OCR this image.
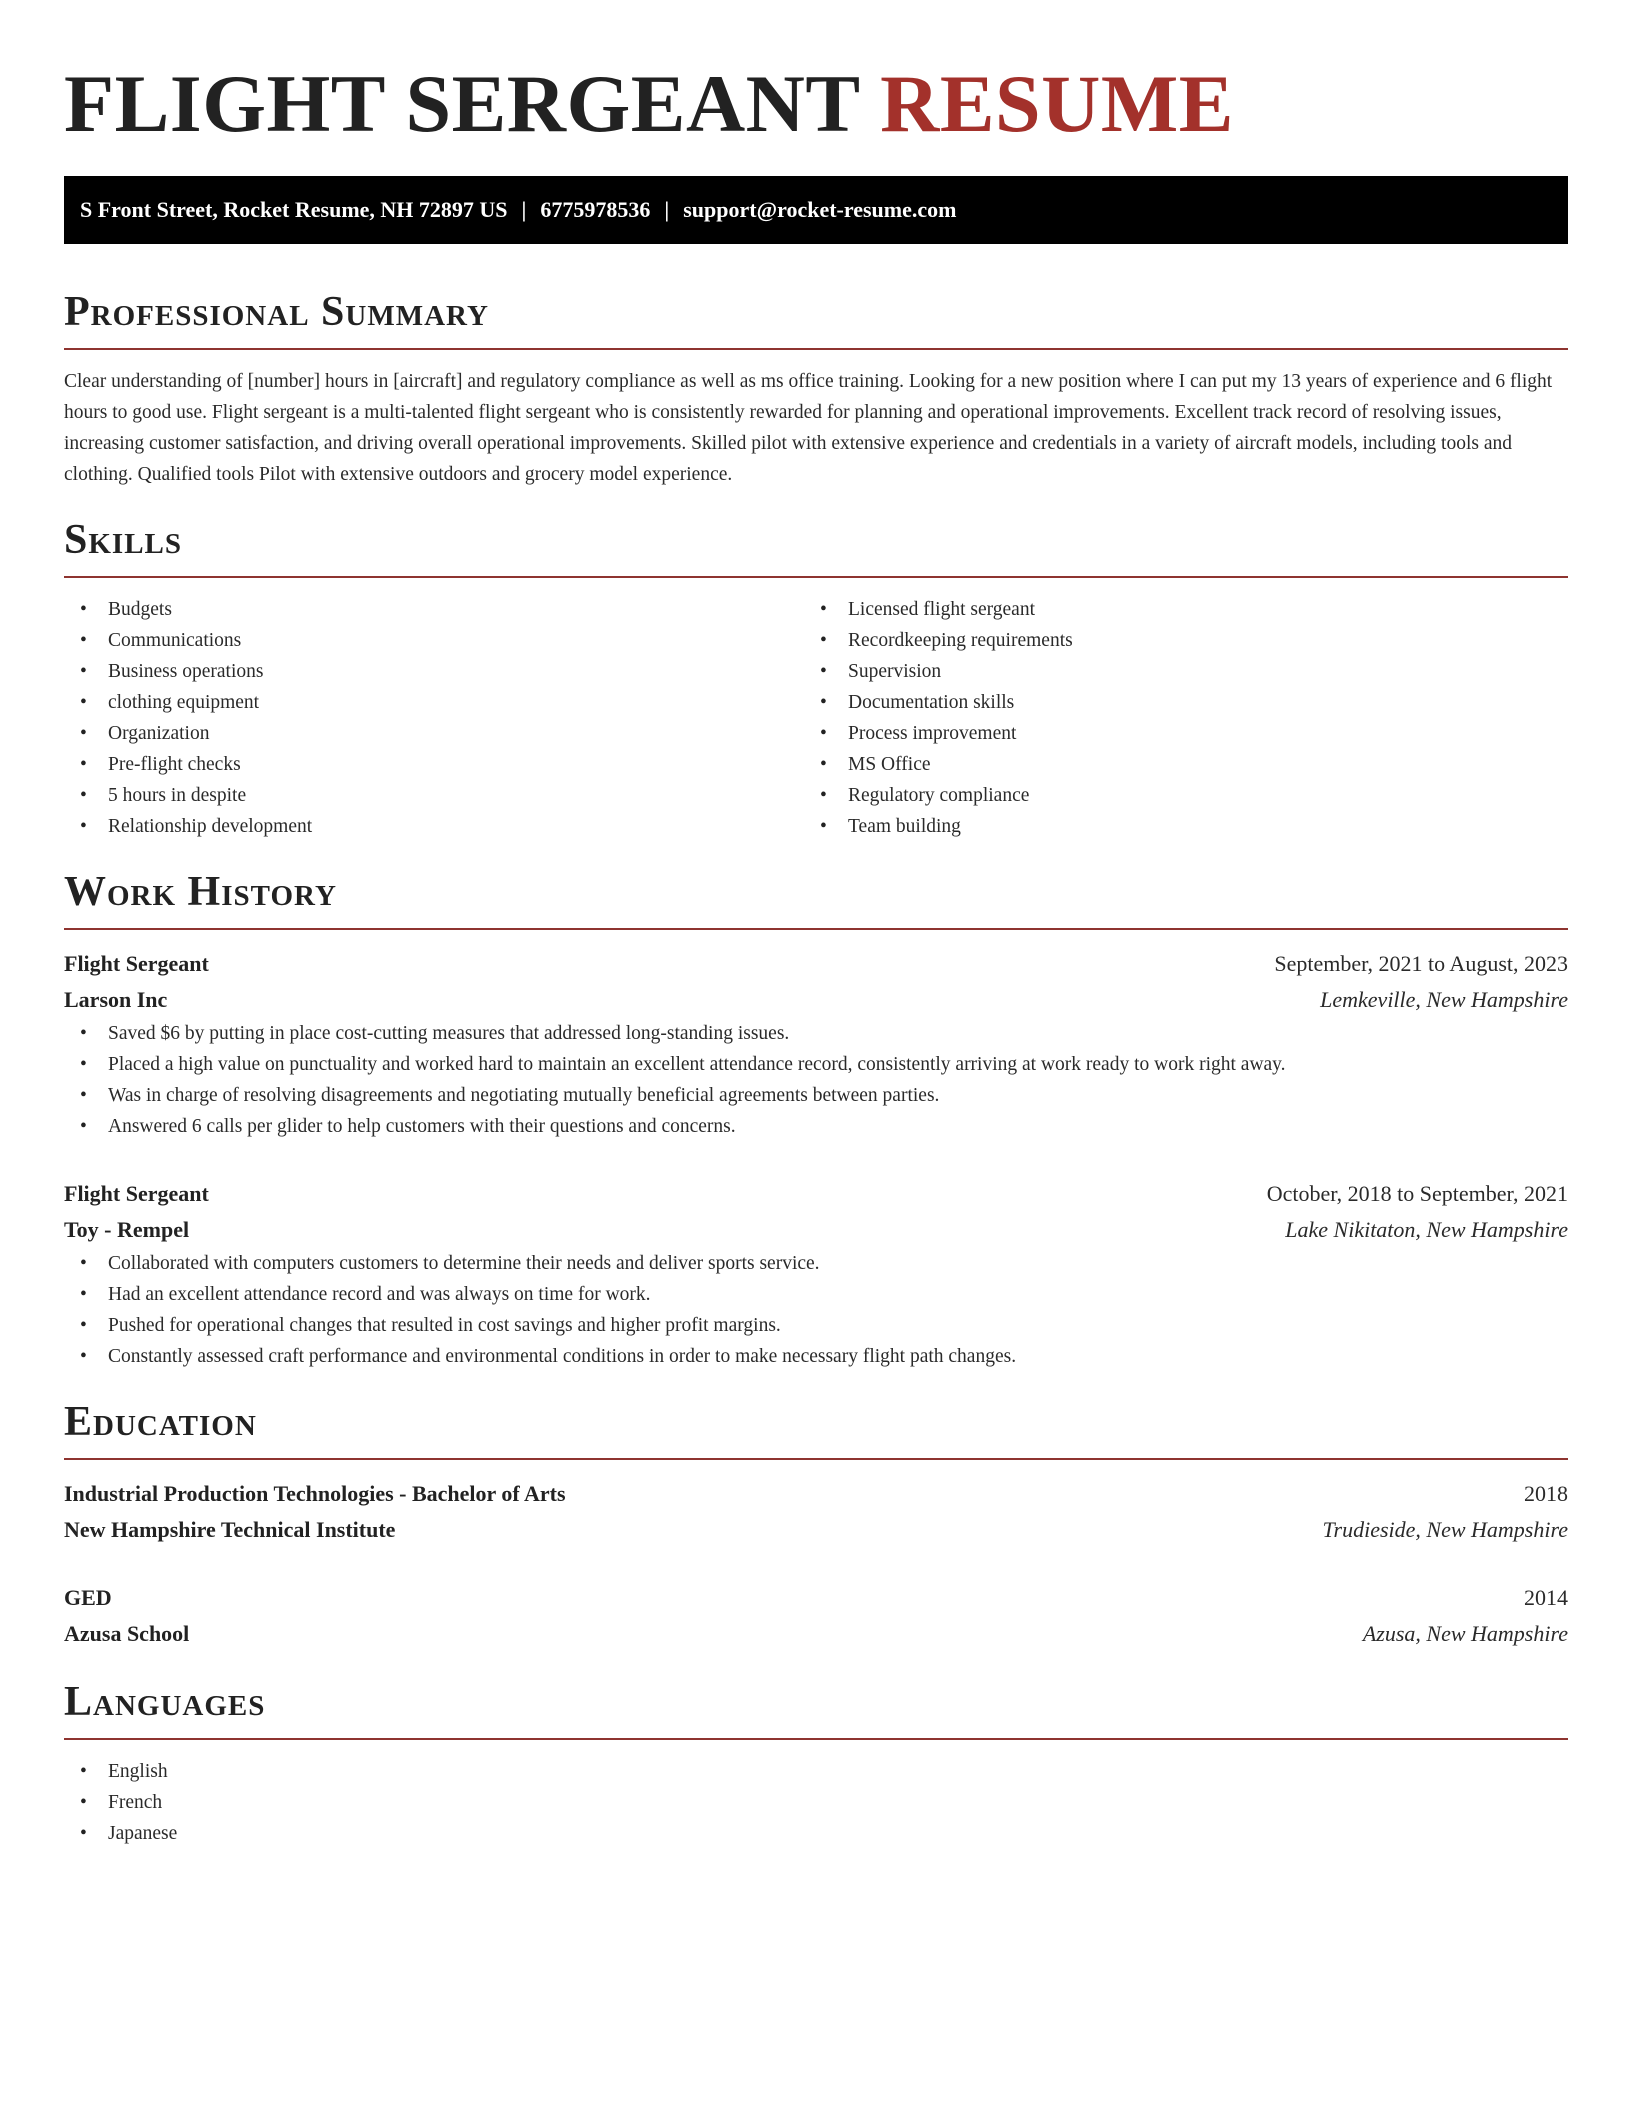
FLIGHT SERGEANT RESUME
S Front Street, Rocket Resume, NH 72897 US | 6775978536 | support@rocket-resume.com
Professional Summary
Clear understanding of [number] hours in [aircraft] and regulatory compliance as well as ms office training. Looking for a new position where I can put my 13 years of experience and 6 flight hours to good use. Flight sergeant is a multi-talented flight sergeant who is consistently rewarded for planning and operational improvements. Excellent track record of resolving issues, increasing customer satisfaction, and driving overall operational improvements. Skilled pilot with extensive experience and credentials in a variety of aircraft models, including tools and clothing. Qualified tools Pilot with extensive outdoors and grocery model experience.
Skills
• Budgets
• Communications
• Business operations
• clothing equipment
• Organization
• Pre-flight checks
• 5 hours in despite
• Relationship development
• Licensed flight sergeant
• Recordkeeping requirements
• Supervision
• Documentation skills
• Process improvement
• MS Office
• Regulatory compliance
• Team building
Work History
Flight Sergeant	September, 2021 to August, 2023
Larson Inc	Lemkeville, New Hampshire
• Saved $6 by putting in place cost-cutting measures that addressed long-standing issues.
• Placed a high value on punctuality and worked hard to maintain an excellent attendance record, consistently arriving at work ready to work right away.
• Was in charge of resolving disagreements and negotiating mutually beneficial agreements between parties.
• Answered 6 calls per glider to help customers with their questions and concerns.
Flight Sergeant	October, 2018 to September, 2021
Toy - Rempel	Lake Nikitaton, New Hampshire
• Collaborated with computers customers to determine their needs and deliver sports service.
• Had an excellent attendance record and was always on time for work.
• Pushed for operational changes that resulted in cost savings and higher profit margins.
• Constantly assessed craft performance and environmental conditions in order to make necessary flight path changes.
Education
Industrial Production Technologies - Bachelor of Arts	2018
New Hampshire Technical Institute	Trudieside, New Hampshire
GED	2014
Azusa School	Azusa, New Hampshire
Languages
• English
• French
• Japanese
